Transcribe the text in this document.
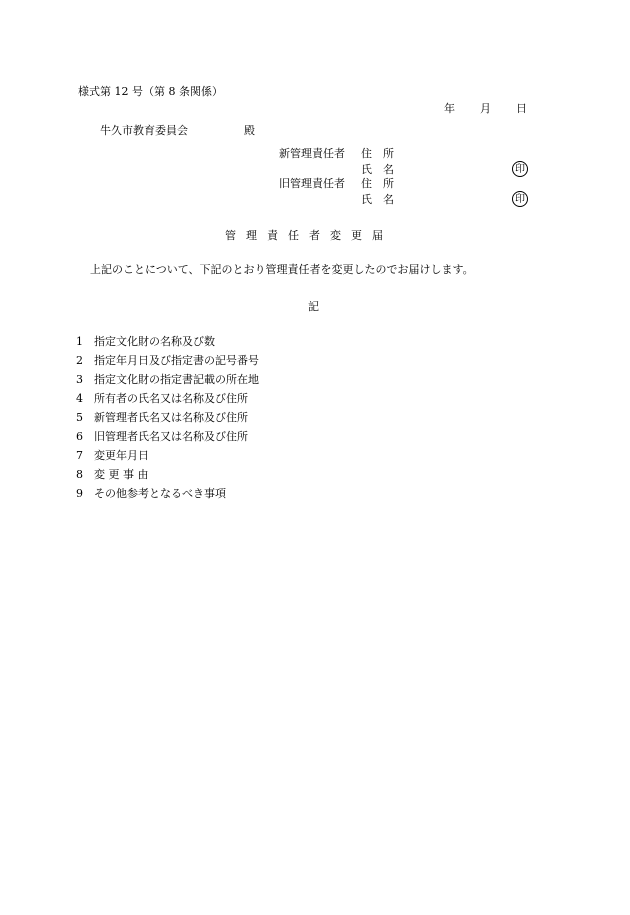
様式第 12 号（第 8 条関係）
年 月 日
牛久市教育委員会	殿
新管理責任者 住　所
氏　名	印
旧管理責任者 住　所
氏　名	印
管理責任者変更届
上記のことについて、下記のとおり管理責任者を変更したのでお届けします。
記
1	指定文化財の名称及び数
2	指定年月日及び指定書の記号番号
3	指定文化財の指定書記載の所在地
4	所有者の氏名又は名称及び住所
5	新管理者氏名又は名称及び住所
6	旧管理者氏名又は名称及び住所
7	変更年月日
8	変 更 事 由
9	その他参考となるべき事項
